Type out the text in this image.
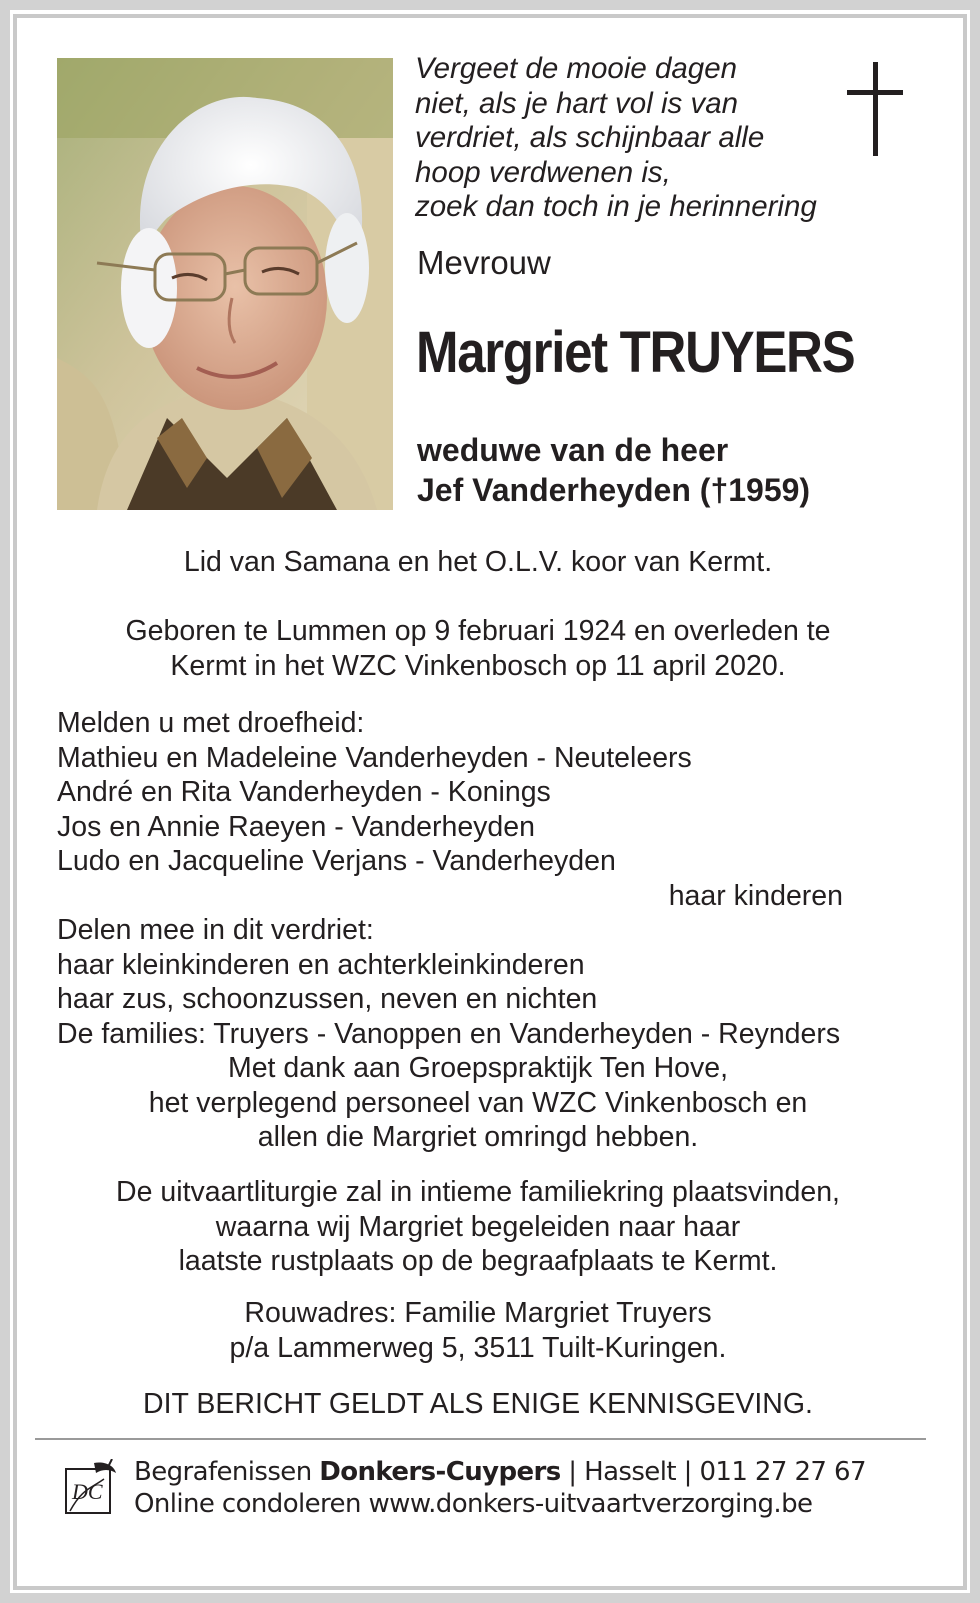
Vergeet de mooie dagen
niet, als je hart vol is van
verdriet, als schijnbaar alle
hoop verdwenen is,
zoek dan toch in je herinnering
Mevrouw
Margriet TRUYERS
weduwe van de heer
Jef Vanderheyden (†1959)
Lid van Samana en het O.L.V. koor van Kermt.
Geboren te Lummen op 9 februari 1924 en overleden te
Kermt in het WZC Vinkenbosch op 11 april 2020.
Melden u met droefheid:
Mathieu en Madeleine Vanderheyden - Neuteleers
André en Rita Vanderheyden - Konings
Jos en Annie Raeyen - Vanderheyden
Ludo en Jacqueline Verjans - Vanderheyden
haar kinderen
Delen mee in dit verdriet:
haar kleinkinderen en achterkleinkinderen
haar zus, schoonzussen, neven en nichten
De families: Truyers - Vanoppen en Vanderheyden - Reynders
Met dank aan Groepspraktijk Ten Hove,
het verplegend personeel van WZC Vinkenbosch en
allen die Margriet omringd hebben.
De uitvaartliturgie zal in intieme familiekring plaatsvinden,
waarna wij Margriet begeleiden naar haar
laatste rustplaats op de begraafplaats te Kermt.
Rouwadres: Familie Margriet Truyers
p/a Lammerweg 5, 3511 Tuilt-Kuringen.
DIT BERICHT GELDT ALS ENIGE KENNISGEVING.
DC
Begrafenissen Donkers-Cuypers | Hasselt | 011 27 27 67
Online condoleren www.donkers-uitvaartverzorging.be
